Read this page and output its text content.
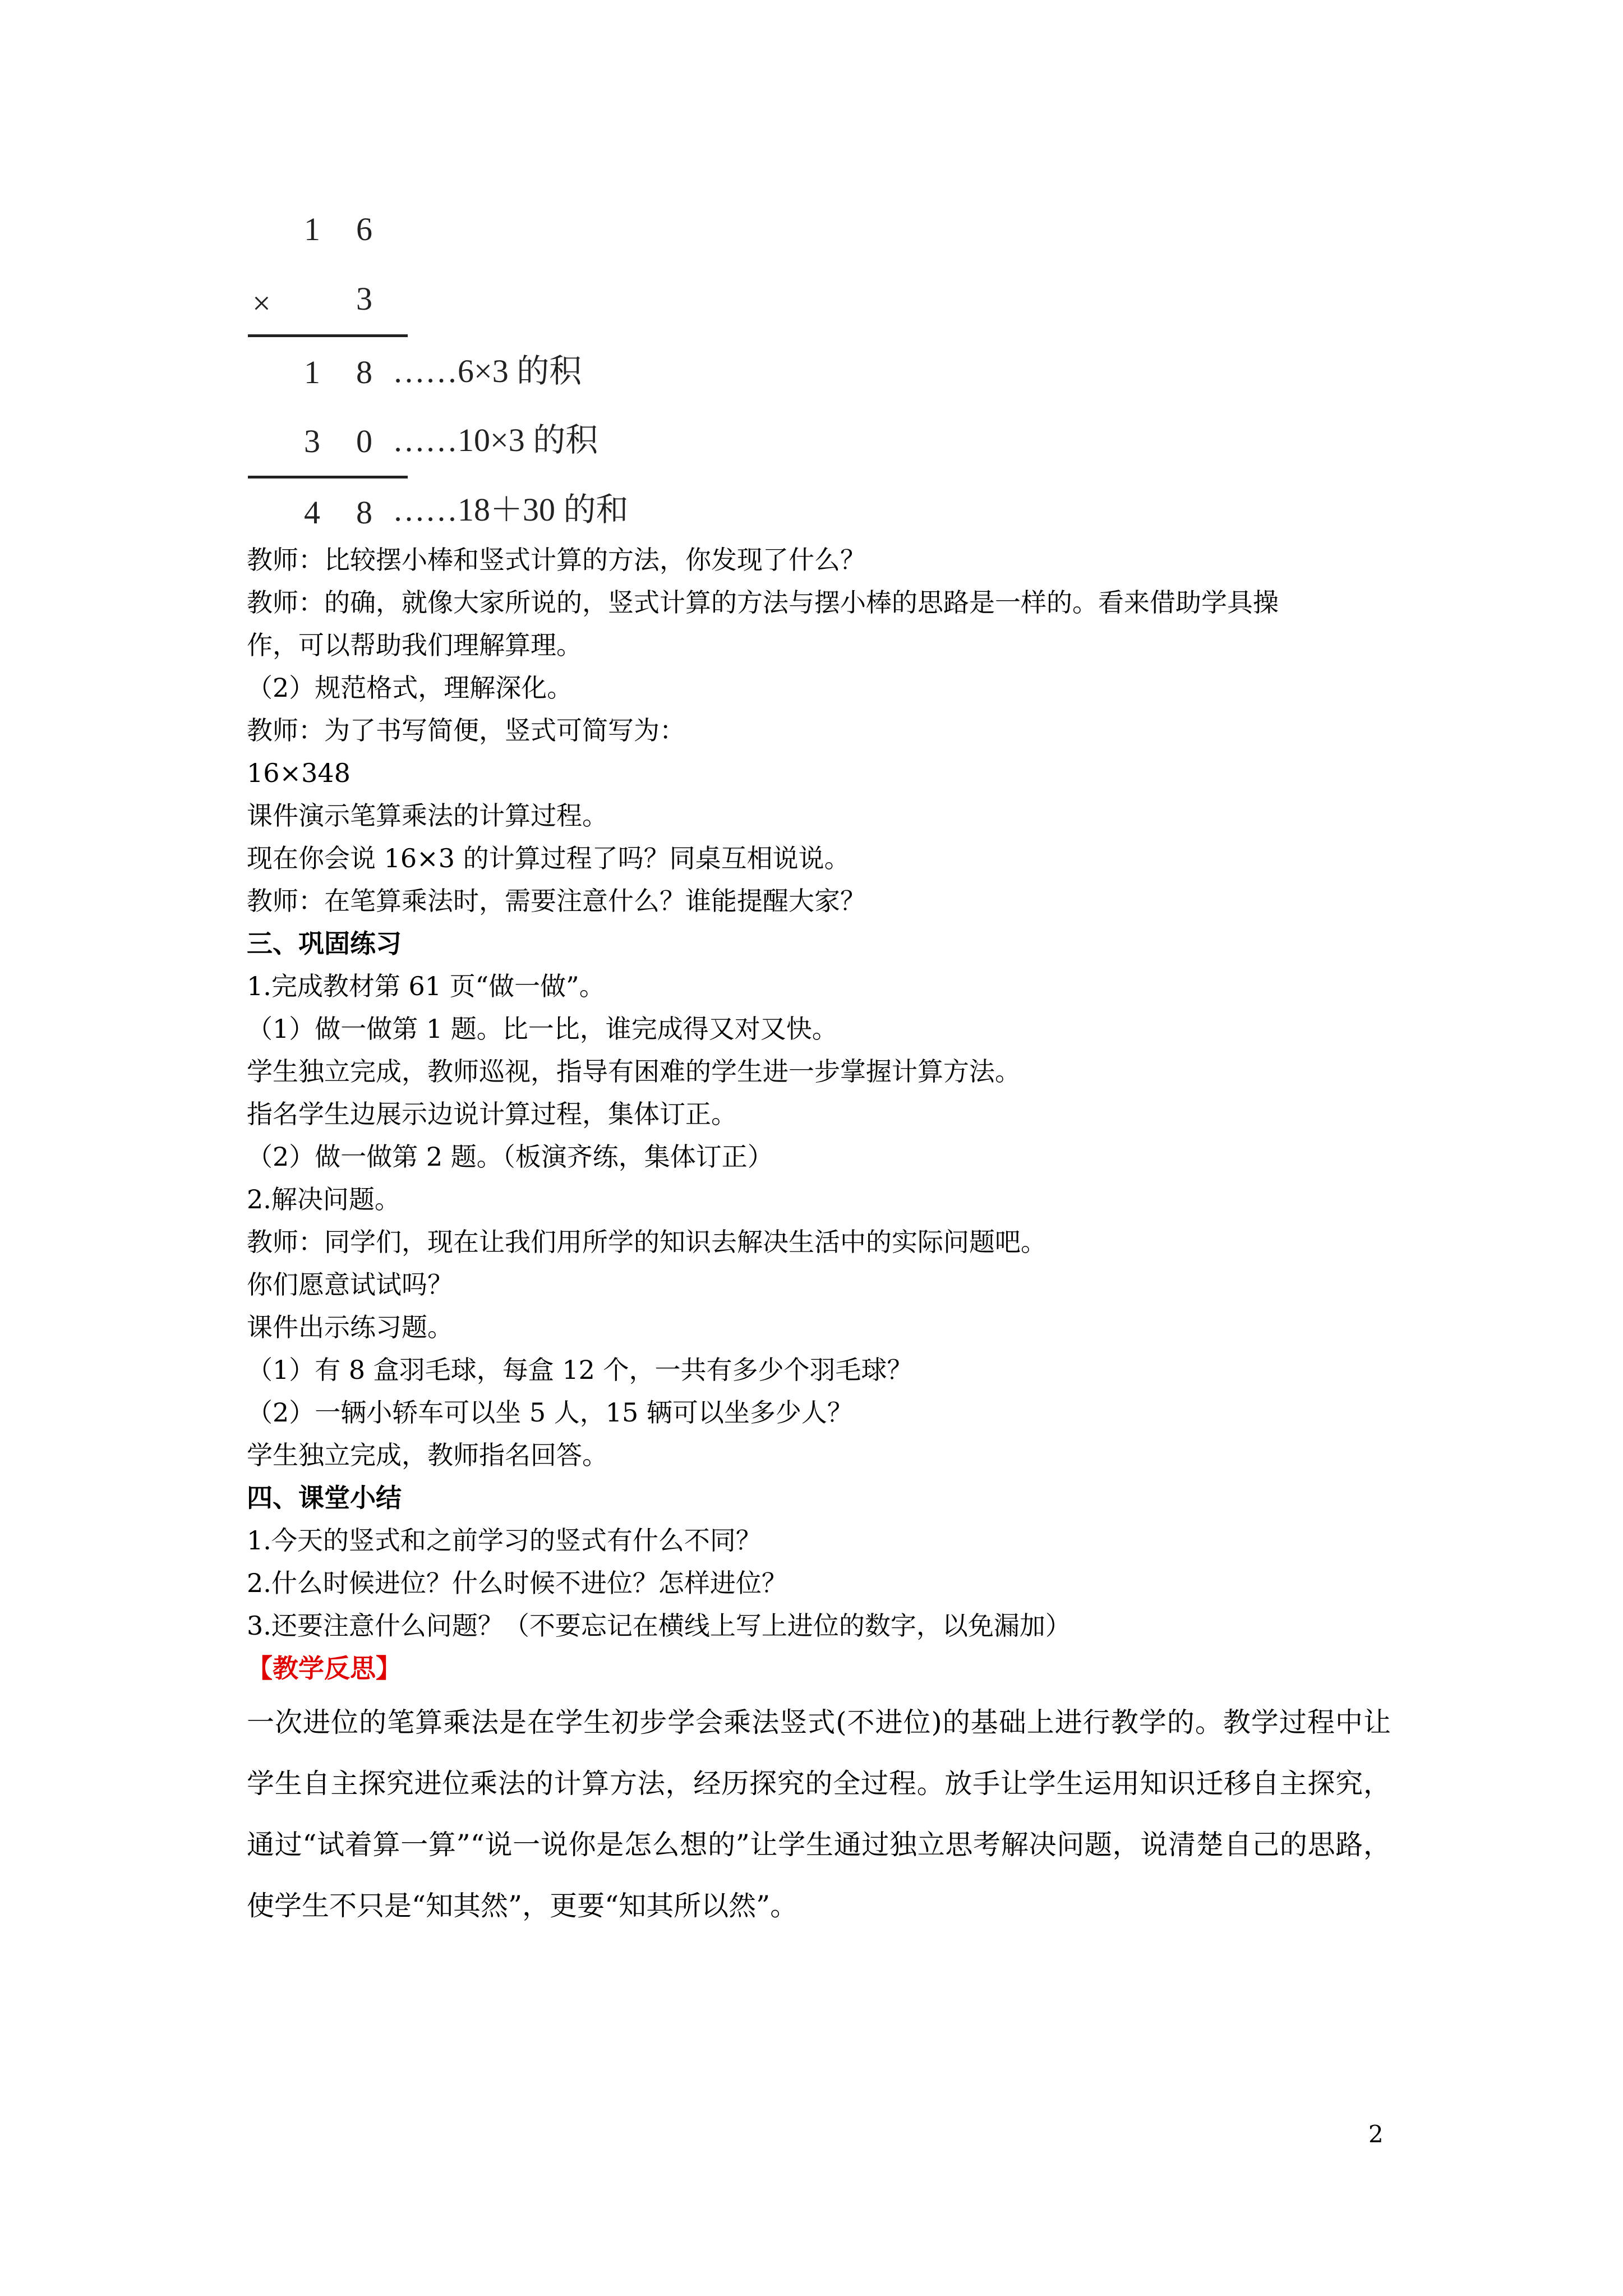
1 6
×	3
1 8 ……6×3 的积
3 0 ……10×3 的积
4 8 ……18＋30 的和
教师：比较摆小棒和竖式计算的方法，你发现了什么？
教师：的确，就像大家所说的，竖式计算的方法与摆小棒的思路是一样的。看来借助学具操
作，可以帮助我们理解算理。
（2）规范格式，理解深化。
教师：为了书写简便，竖式可简写为：
16×348
课件演示笔算乘法的计算过程。
现在你会说 16×3 的计算过程了吗？同桌互相说说。
教师：在笔算乘法时，需要注意什么？谁能提醒大家？
三、巩固练习
1.完成教材第 61 页“做一做”。
（1）做一做第 1 题。比一比，谁完成得又对又快。
学生独立完成，教师巡视，指导有困难的学生进一步掌握计算方法。
指名学生边展示边说计算过程，集体订正。
（2）做一做第 2 题。（板演齐练，集体订正）
2.解决问题。
教师：同学们，现在让我们用所学的知识去解决生活中的实际问题吧。
你们愿意试试吗？
课件出示练习题。
（1）有 8 盒羽毛球，每盒 12 个，一共有多少个羽毛球？
（2）一辆小轿车可以坐 5 人，15 辆可以坐多少人？
学生独立完成，教师指名回答。
四、课堂小结
1.今天的竖式和之前学习的竖式有什么不同？
2.什么时候进位？什么时候不进位？怎样进位？
3.还要注意什么问题？（不要忘记在横线上写上进位的数字，以免漏加）
【教学反思】
一次进位的笔算乘法是在学生初步学会乘法竖式(不进位)的基础上进行教学的。教学过程中让学生自主探究进位乘法的计算方法，经历探究的全过程。放手让学生运用知识迁移自主探究，通过“试着算一算”“说一说你是怎么想的”让学生通过独立思考解决问题，说清楚自己的思路，使学生不只是“知其然”，更要“知其所以然”。
2
